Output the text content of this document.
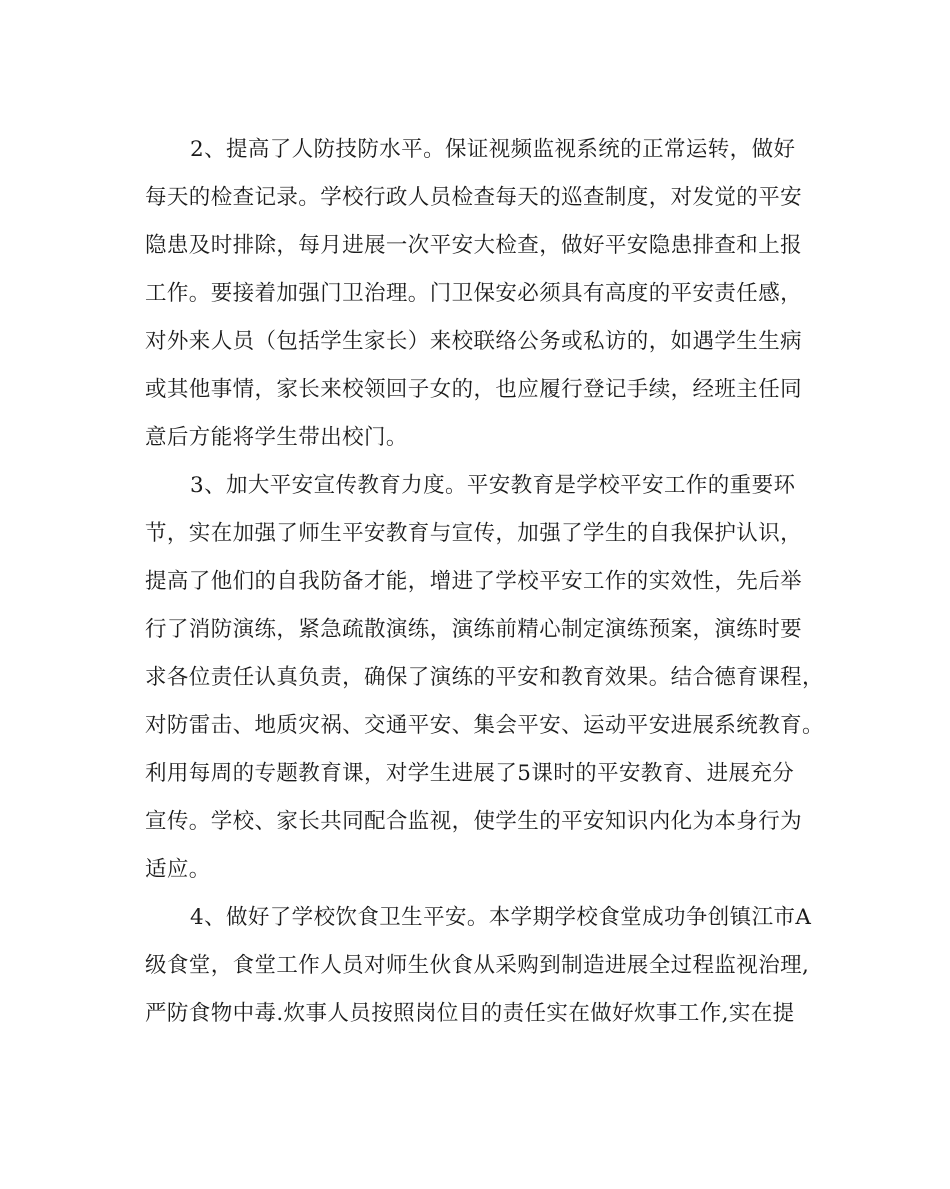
2、提高了人防技防水平。保证视频监视系统的正常运转，做好
每天的检查记录。学校行政人员检查每天的巡查制度，对发觉的平安
隐患及时排除，每月进展一次平安大检查，做好平安隐患排查和上报
工作。要接着加强门卫治理。门卫保安必须具有高度的平安责任感，
对外来人员（包括学生家长）来校联络公务或私访的，如遇学生生病
或其他事情，家长来校领回子女的，也应履行登记手续，经班主任同
意后方能将学生带出校门。
3、加大平安宣传教育力度。平安教育是学校平安工作的重要环
节，实在加强了师生平安教育与宣传，加强了学生的自我保护认识，
提高了他们的自我防备才能，增进了学校平安工作的实效性，先后举
行了消防演练，紧急疏散演练，演练前精心制定演练预案，演练时要
求各位责任认真负责，确保了演练的平安和教育效果。结合德育课程，
对防雷击、地质灾祸、交通平安、集会平安、运动平安进展系统教育。
利用每周的专题教育课，对学生进展了5课时的平安教育、进展充分
宣传。学校、家长共同配合监视，使学生的平安知识内化为本身行为
适应。
4、做好了学校饮食卫生平安。本学期学校食堂成功争创镇江市A
级食堂，食堂工作人员对师生伙食从采购到制造进展全过程监视治理,
严防食物中毒.炊事人员按照岗位目的责任实在做好炊事工作,实在提
